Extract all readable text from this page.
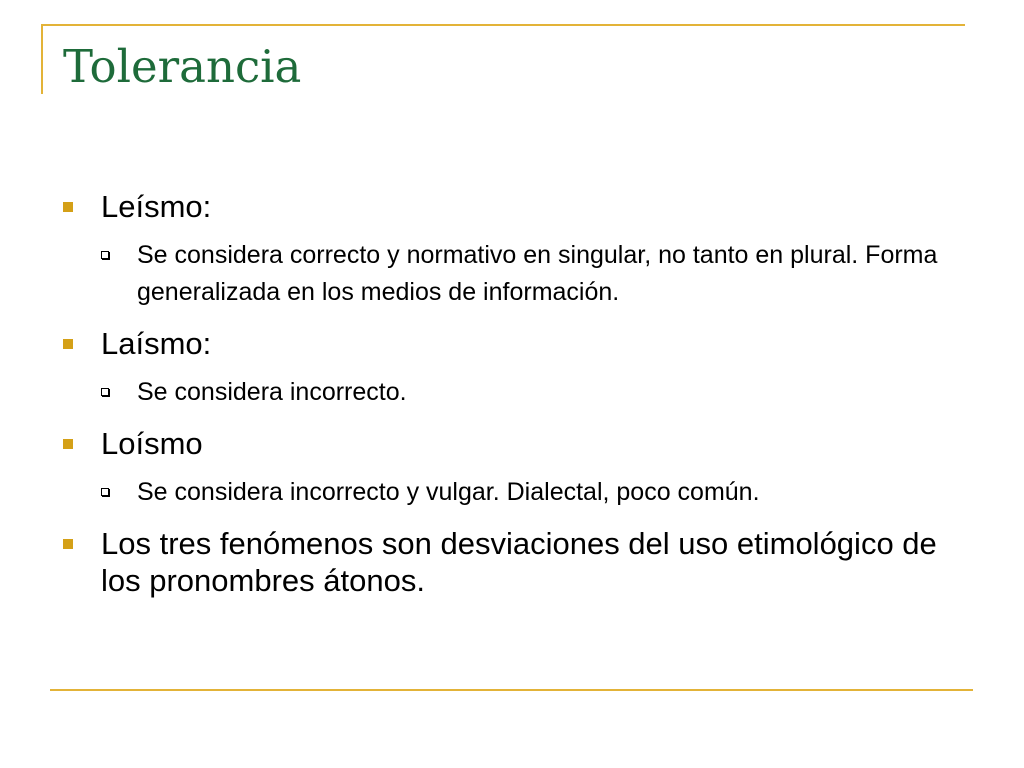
Tolerancia
Leísmo:
Se considera correcto y normativo en singular, no tanto en plural. Forma generalizada en los medios de información.
Laísmo:
Se considera incorrecto.
Loísmo
Se considera incorrecto y vulgar. Dialectal, poco común.
Los tres fenómenos son desviaciones del uso etimológico de los pronombres átonos.
